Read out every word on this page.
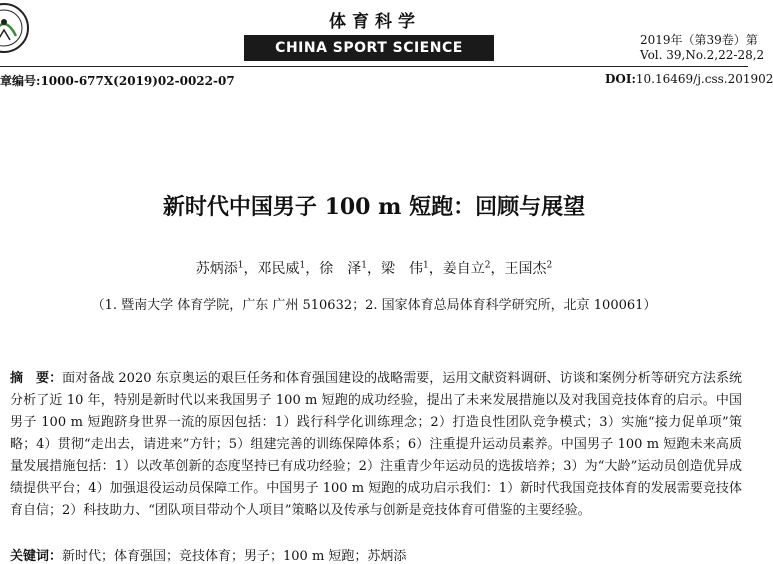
体育科学
CHINA SPORT SCIENCE	2019年（第39卷）第
Vol. 39,No.2,22-28,2
章编号:1000-677X(2019)02-0022-07	DOI:10.16469/j.css.201902
新时代中国男子 100 m 短跑：回顾与展望
苏炳添$^1$，邓民威$^1$，徐　泽$^1$，梁　伟$^1$，姜自立$^2$，王国杰$^2$
（1. 暨南大学 体育学院，广东 广州 510632；2. 国家体育总局体育科学研究所，北京 100061）
摘　要：面对备战 2020 东京奥运的艰巨任务和体育强国建设的战略需要，运用文献资料调研、访谈和案例分析等研究方法系统分析了近 10 年，特别是新时代以来我国男子 100 m 短跑的成功经验，提出了未来发展措施以及对我国竞技体育的启示。中国男子 100 m 短跑跻身世界一流的原因包括：1）践行科学化训练理念；2）打造良性团队竞争模式；3）实施“接力促单项”策略；4）贯彻“走出去，请进来”方针；5）组建完善的训练保障体系；6）注重提升运动员素养。中国男子 100 m 短跑未来高质量发展措施包括：1）以改革创新的态度坚持已有成功经验；2）注重青少年运动员的选拔培养；3）为“大龄”运动员创造优异成绩提供平台；4）加强退役运动员保障工作。中国男子 100 m 短跑的成功启示我们：1）新时代我国竞技体育的发展需要竞技体育自信；2）科技助力、“团队项目带动个人项目”策略以及传承与创新是竞技体育可借鉴的主要经验。
关键词：新时代；体育强国；竞技体育；男子；100 m 短跑；苏炳添
